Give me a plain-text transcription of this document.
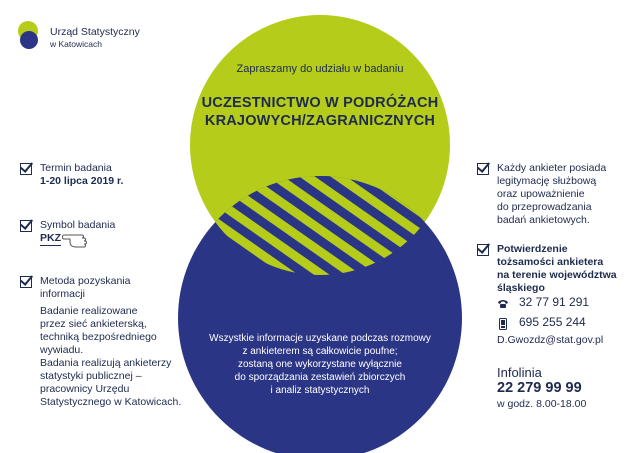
Urząd Statystyczny
w Katowicach
Zapraszamy do udziału w badaniu
UCZESTNICTWO W PODRÓŻACH
KRAJOWYCH/ZAGRANICZNYCH
Wszystkie informacje uzyskane podczas rozmowy
z ankieterem są całkowicie poufne;
zostaną one wykorzystane wyłącznie
do sporządzania zestawień zbiorczych
i analiz statystycznych
Termin badania
1-20 lipca 2019 r.
Symbol badania
PKZ
Metoda pozyskania
informacji
Badanie realizowane
przez sieć ankieterską,
techniką bezpośredniego
wywiadu.
Badania realizują ankieterzy
statystyki publicznej –
pracownicy Urzędu
Statystycznego w Katowicach.
Każdy ankieter posiada
legitymację służbową
oraz upoważnienie
do przeprowadzania
badań ankietowych.
Potwierdzenie
tożsamości ankietera
na terenie województwa
śląskiego
32 77 91 291
695 255 244
D.Gwozdz@stat.gov.pl
Infolinia
22 279 99 99
w godz. 8.00-18.00
